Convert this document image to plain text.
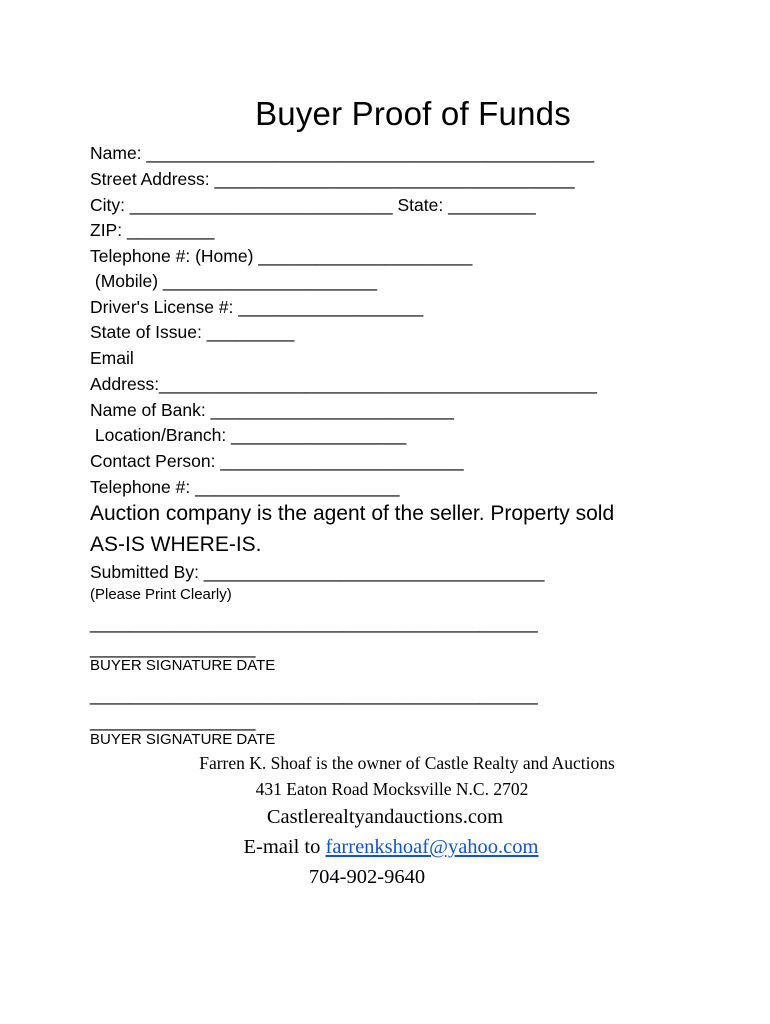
Buyer Proof of Funds
Name: ______________________________________________
Street Address: _____________________________________
City: ___________________________ State: _________
ZIP: _________
Telephone #: (Home) ______________________
(Mobile) ______________________
Driver's License #: ___________________
State of Issue: _________
Email
Address:_____________________________________________
Name of Bank: _________________________
Location/Branch: __________________
Contact Person: _________________________
Telephone #: _____________________
Auction company is the agent of the seller. Property sold
AS-IS WHERE-IS.
Submitted By: ___________________________________
(Please Print Clearly)
______________________________________________
_________________
BUYER SIGNATURE DATE
______________________________________________
_________________
BUYER SIGNATURE DATE
Farren K. Shoaf is the owner of Castle Realty and Auctions
431 Eaton Road Mocksville N.C. 2702
Castlerealtyandauctions.com
E-mail to farrenkshoaf@yahoo.com
704-902-9640
